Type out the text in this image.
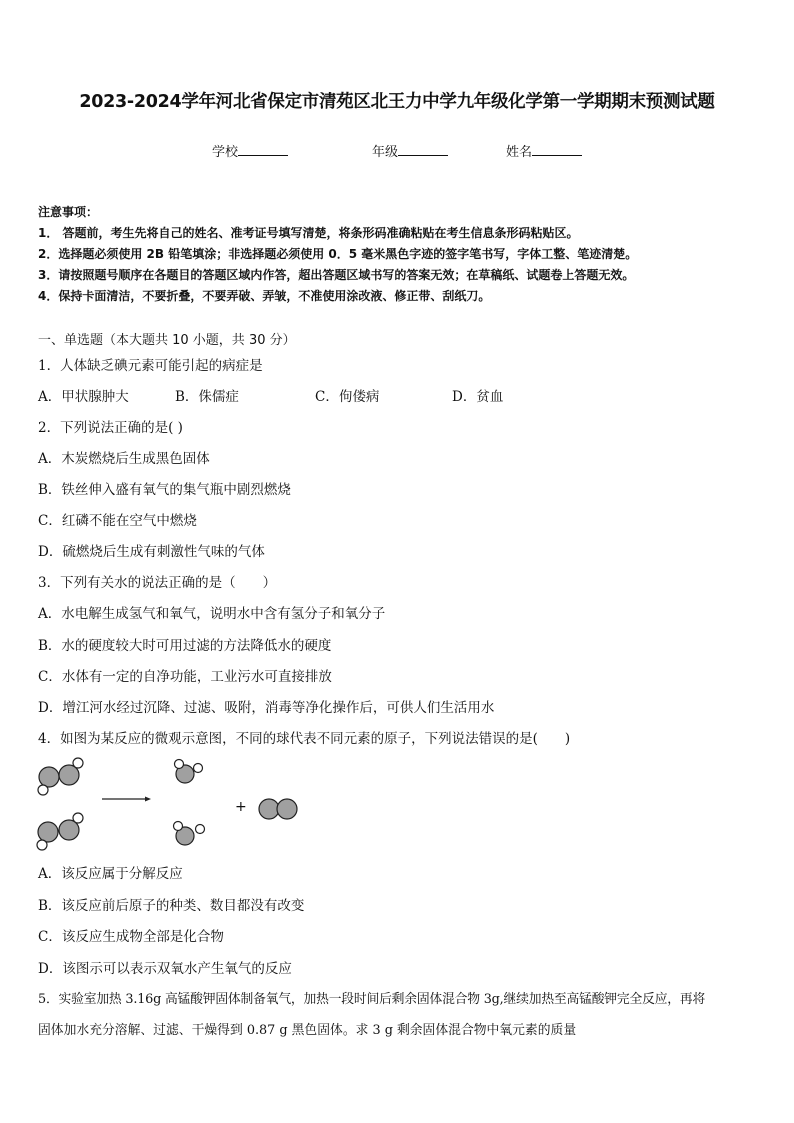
2023-2024学年河北省保定市清苑区北王力中学九年级化学第一学期期末预测试题
学校	年级	姓名
注意事项：
1． 答题前，考生先将自己的姓名、准考证号填写清楚，将条形码准确粘贴在考生信息条形码粘贴区。
2．选择题必须使用 2B 铅笔填涂；非选择题必须使用 0．5 毫米黑色字迹的签字笔书写，字体工整、笔迹清楚。
3．请按照题号顺序在各题目的答题区域内作答，超出答题区域书写的答案无效；在草稿纸、试题卷上答题无效。
4．保持卡面清洁，不要折叠，不要弄破、弄皱，不准使用涂改液、修正带、刮纸刀。
一、单选题（本大题共 10 小题，共 30 分）
1．人体缺乏碘元素可能引起的病症是
A．甲状腺肿大	B．侏儒症	C．佝偻病	D．贫血
2．下列说法正确的是( )
A．木炭燃烧后生成黑色固体
B．铁丝伸入盛有氧气的集气瓶中剧烈燃烧
C．红磷不能在空气中燃烧
D．硫燃烧后生成有刺激性气味的气体
3．下列有关水的说法正确的是（　　）
A．水电解生成氢气和氧气，说明水中含有氢分子和氧分子
B．水的硬度较大时可用过滤的方法降低水的硬度
C．水体有一定的自净功能，工业污水可直接排放
D．增江河水经过沉降、过滤、吸附，消毒等净化操作后，可供人们生活用水
4．如图为某反应的微观示意图，不同的球代表不同元素的原子，下列说法错误的是(　　)
+
A．该反应属于分解反应
B．该反应前后原子的种类、数目都没有改变
C．该反应生成物全部是化合物
D．该图示可以表示双氧水产生氧气的反应
5．实验室加热 3.16g 高锰酸钾固体制备氧气，加热一段时间后剩余固体混合物 3g,继续加热至高锰酸钾完全反应，再将
固体加水充分溶解、过滤、干燥得到 0.87 g 黑色固体。求 3 g 剩余固体混合物中氧元素的质量
